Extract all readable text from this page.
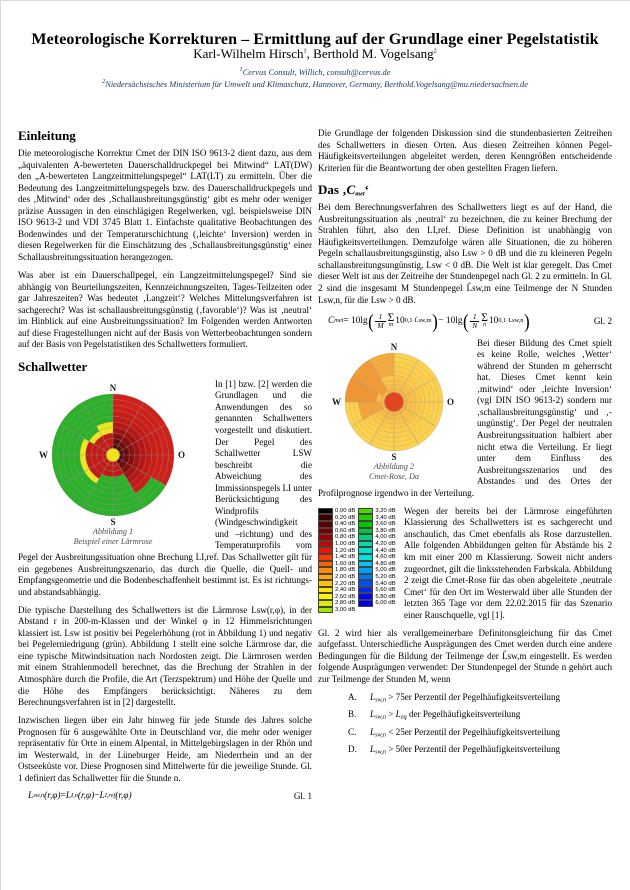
Meteorologische Korrekturen – Ermittlung auf der Grundlage einer Pegelstatistik
Karl-Wilhelm Hirsch$^1$, Berthold M. Vogelsang$^2$
$^1$Cervus Consult, Willich, consult@cervus.de
$^2$Niedersächsisches Ministerium für Umwelt und Klimaschutz, Hannover, Germany, Berthold.Vogelsang@mu.niedersachsen.de
Einleitung

Die meteorologische Korrektur Cmet der DIN ISO 9613-2 dient dazu, aus dem „äquivalenten A-bewerteten Dauerschalldruckpegel bei Mitwind“ LAT(DW) den „A-bewerteten Langzeitmittelungspegel“ LAT(LT) zu ermitteln. Über die Bedeutung des Langzeitmittelungspegels bzw. des Dauerschalldruckpegels und des ‚Mitwind‘ oder des ‚Schallausbreitungsgünstig‘ gibt es mehr oder weniger präzise Aussagen in den einschlägigen Regelwerken, vgl. beispielsweise DIN ISO 9613-2 und VDI 3745 Blatt 1. Einfachste qualitative Beobachtungen des Bodenwindes und der Temperaturschichtung (‚leichte‘ Inversion) werden in diesen Regelwerken für die Einschätzung des ‚Schallausbreitungsgünstig‘ einer Schallausbreitungssituation herangezogen.

Was aber ist ein Dauerschallpegel, ein Langzeitmittelungspegel? Sind sie abhängig von Beurteilungszeiten, Kennzeichnungszeiten, Tages-Teilzeiten oder gar Jahreszeiten? Was bedeutet ‚Langzeit‘? Welches Mittelungsverfahren ist sachgerecht? Was ist schallausbreitungsgünstig (‚favorable‘)? Was ist ‚neutral‘ im Hinblick auf eine Ausbreitungssituation? Im Folgenden werden Antworten auf diese Fragestellungen nicht auf der Basis von Wetterbeobachtungen sondern auf der Basis von Pegelstatistiken des Schallwetters formuliert.

Schallwetter
N
O
S
W
Abbildung 1
Beispiel einer Lärmrose

In [1] bzw. [2] werden die Grundlagen und die Anwendungen des so genannten Schallwetters vorgestellt und diskutiert. Der Pegel des Schallwetter LSW beschreibt die Abweichung des Immissionspegels LI unter Berücksichtigung des Windprofils (Windgeschwindigkeit und –richtung) und des Temperaturprofils vom Pegel der Ausbreitungssituation ohne Brechung LI,ref. Das Schallwetter gilt für ein gegebenes Ausbreitungszenario, das durch die Quelle, die Quell- und Empfangsgeometrie und die Bodenbeschaffenheit bestimmt ist. Es ist richtungs- und abstandsabhängig.

Die typische Darstellung des Schallwetters ist die Lärmrose Lsw(r,φ), in der Abstand r in 200-m-Klassen und der Winkel φ in 12 Himmelsrichtungen klassiert ist. Lsw ist positiv bei Pegelerhöhung (rot in Abbildung 1) und negativ bei Pegelerniedrigung (grün). Abbildung 1 stellt eine solche Lärmrose dar, die eine typische Mitwindsituation nach Nordosten zeigt. Die Lärmrosen werden mit einem Strahlenmodell berechnet, das die Brechung der Strahlen in der Atmosphäre durch die Profile, die Art (Terzspektrum) und Höhe der Quelle und die Höhe des Empfängers berücksichtigt. Näheres zu dem Berechnungsverfahren ist in [2] dargestellt.

Inzwischen liegen über ein Jahr hinweg für jede Stunde des Jahres solche Prognosen für 6 ausgewählte Orte in Deutschland vor, die mehr oder weniger repräsentativ für Orte in einem Alpental, in Mittelgebirgslagen in der Rhön und im Westerwald, in der Lüneburger Heide, am Niederrhein und an der Ostseeküste vor. Diese Prognosen sind Mittelwerte für die jeweilige Stunde. Gl. 1 definiert das Schallwetter für die Stunde n.

L sw,n (r,φ) = L I,n (r,φ) − L I,ref (r,φ)	Gl. 1

Die Grundlage der folgenden Diskussion sind die stundenbasierten Zeitreihen des Schallwetters in diesen Orten. Aus diesen Zeitreihen können Pegel-Häufigkeitsverteilungen abgeleitet werden, deren Kenngrößen entscheidende Kriterien für die Beantwortung der oben gestellten Fragen liefern.

Das $‚C_{met}‘$

Bei dem Berechnungsverfahren des Schallwetters liegt es auf der Hand, die Ausbreitungssituation als ‚neutral‘ zu bezeichnen, die zu keiner Brechung der Strahlen führt, also den LI,ref. Diese Definition ist unabhängig von Häufigkeitsverteilungen. Demzufolge wären alle Situationen, die zu höheren Pegeln schallausbreitungsgünstig, also Lsw > 0 dB und die zu kleineren Pegeln schallausbreitungsungünstig, Lsw < 0 dB. Die Welt ist klar geregelt. Das Cmet dieser Welt ist aus der Zeitreihe der Stundenpegel nach Gl. 2 zu ermitteln. In Gl. 2 sind die insgesamt M Stundenpegel L̃sw,m eine Teilmenge der N Stunden Lsw,n, für die Lsw > 0 dB.

C met = 10lg ( $\frac{1}{M}$ Σ
m 10 0,1·L̃sw,m ) − 10lg ( $\frac{1}{N}$ Σ
n 10 0,1·Lsw,n )	Gl. 2
N
O
S
W
Abbildung 2
Cmet-Rose, Da

Bei dieser Bildung des Cmet spielt es keine Rolle, welches ‚Wetter‘ während der Stunden m geherrscht hat. Dieses Cmet kennt kein ‚mitwind‘ oder ‚leichte Inversion‘ (vgl DIN ISO 9613-2) sondern nur ‚schallausbreitungsgünstig‘ und ‚-ungünstig‘. Der Pegel der neutralen Ausbreitungssituation halbiert aber nicht etwa die Verteilung. Er liegt unter dem Einfluss des Ausbreitungsszenarios und des Abstandes und des Ortes der Profilprognose irgendwo in der Verteilung.

0,00 dB
0,20 dB
0,40 dB
0,60 dB
0,80 dB
1,00 dB
1,20 dB
1,40 dB
1,60 dB
1,80 dB
2,00 dB
2,20 dB
2,40 dB
2,60 dB
2,80 dB
3,00 dB
3,20 dB
3,40 dB
3,60 dB
3,80 dB
4,00 dB
4,20 dB
4,40 dB
4,60 dB
4,80 dB
5,00 dB
5,20 dB
5,40 dB
5,60 dB
5,80 dB
6,00 dB

Wegen der bereits bei der Lärmrose eingeführten Klassierung des Schallwetters ist es sachgerecht und anschaulich, das Cmet ebenfalls als Rose darzustellen. Alle folgenden Abbildungen gelten für Abstände bis 2 km mit einer 200 m Klassierung. Soweit nicht anders zugeordnet, gilt die linksstehenden Farbskala. Abbildung 2 zeigt die Cmet-Rose für das oben abgeleitete ‚neutrale Cmet‘ für den Ort im Westerwald über alle Stunden der letzten 365 Tage vor dem 22.02.2015 für das Szenario einer Rauschquelle, vgl [1].

Gl. 2 wird hier als verallgemeinerbare Definitonsgleichung für das Cmet aufgefasst. Unterschiedliche Ausprägungen des Cmet werden durch eine andere Bedingungen für die Bildung der Teilmenge der L̃sw,m eingestellt. Es werden folgende Ausprägungen verwendet: Der Stundenpegel der Stunde n gehört auch zur Teilmenge der Stunden M, wenn

A.	$L_{sw,n} > 75er$ Perzentil der Pegelhäufigkeitsverteilung
B.	$L_{sw,n} > L_{eq}$ der Pegelhäufigkeitsverteilung
C.	$L_{sw,n} < 25er$ Perzentil der Pegelhäufigkeitsverteilung
D.	$L_{sw,n} > 50er$ Perzentil der Pegelhäufigkeitsverteilung
